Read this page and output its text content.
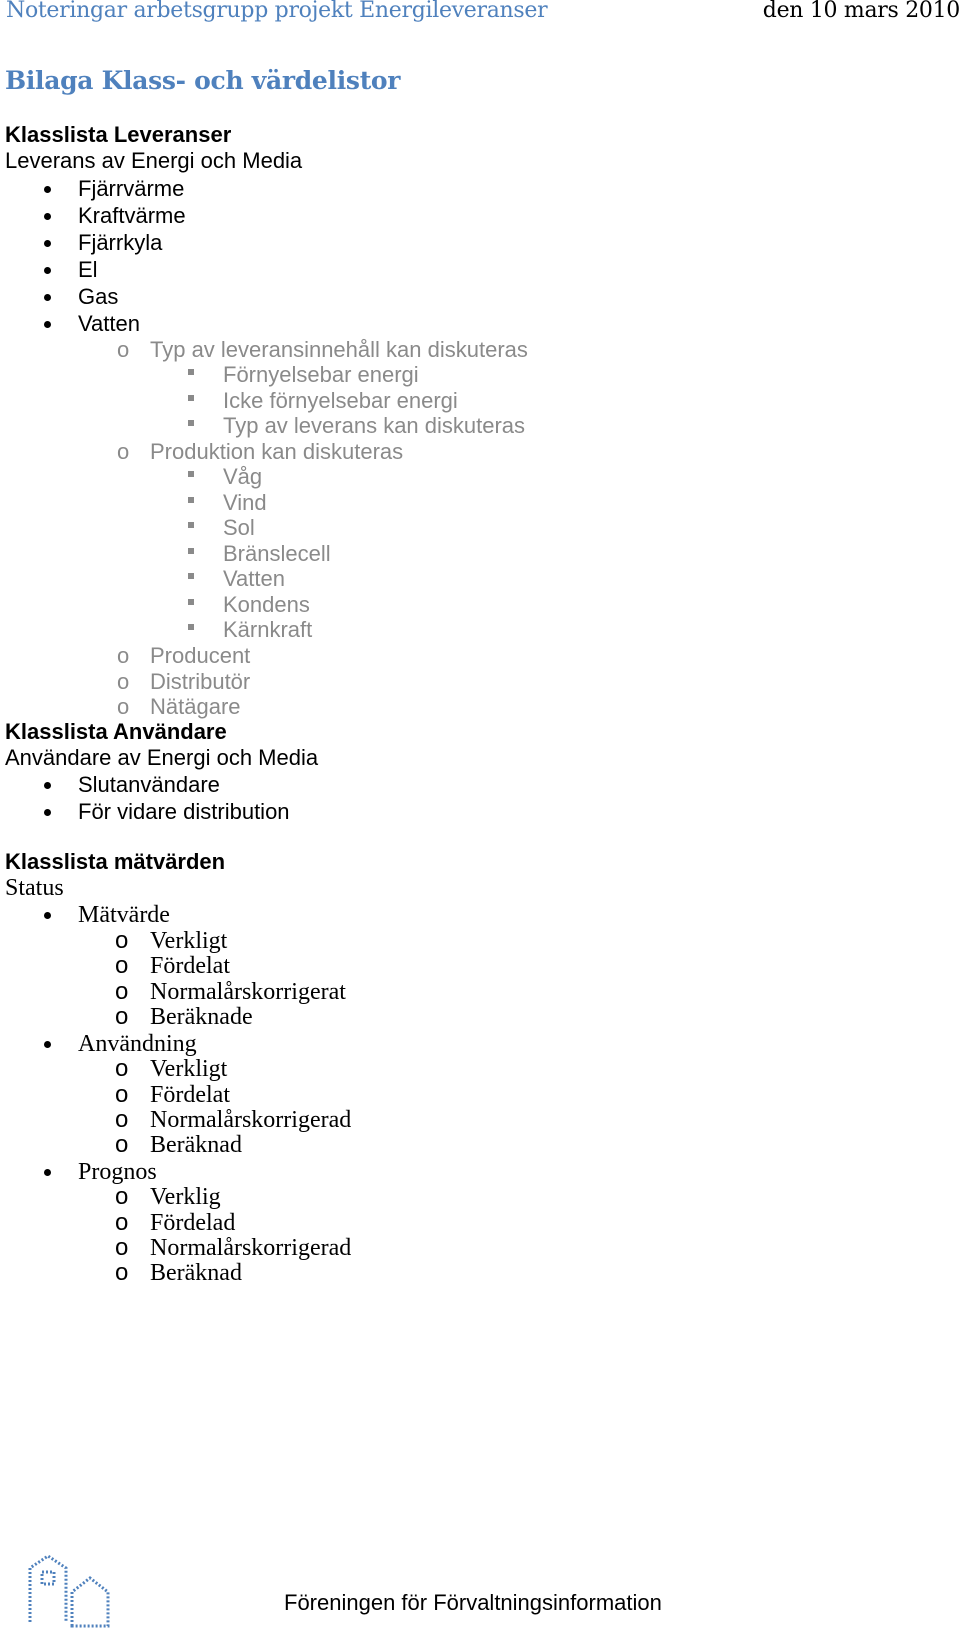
Noteringar arbetsgrupp projekt Energileveranser	den 10 mars 2010
Bilaga Klass- och värdelistor
Klasslista Leveranser
Leverans av Energi och Media
Fjärrvärme
Kraftvärme
Fjärrkyla
El
Gas
Vatten
o Typ av leveransinnehåll kan diskuteras
Förnyelsebar energi
Icke förnyelsebar energi
Typ av leverans kan diskuteras
o Produktion kan diskuteras
Våg
Vind
Sol
Bränslecell
Vatten
Kondens
Kärnkraft
o Producent
o Distributör
o Nätägare
Klasslista Användare
Användare av Energi och Media
Slutanvändare
För vidare distribution
Klasslista mätvärden
Status
Mätvärde
o Verkligt
o Fördelat
o Normalårskorrigerat
o Beräknade
Användning
o Verkligt
o Fördelat
o Normalårskorrigerad
o Beräknad
Prognos
o Verklig
o Fördelad
o Normalårskorrigerad
o Beräknad
Föreningen för Förvaltningsinformation
